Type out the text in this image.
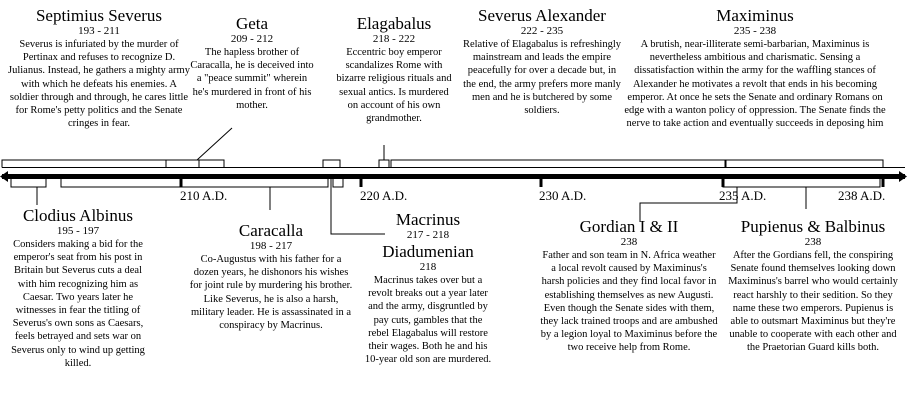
Septimius Severus
193 - 211
Severus is infuriated by the murder of Pertinax and refuses to recognize D. Julianus. Instead, he gathers a mighty army with which he defeats his enemies. A soldier through and through, he cares little for Rome's petty politics and the Senate cringes in fear.
Geta
209 - 212
The hapless brother of Caracalla, he is deceived into a "peace summit" wherein he's murdered in front of his mother.
Elagabalus
218 - 222
Eccentric boy emperor scandalizes Rome with bizarre religious rituals and sexual antics. Is murdered on account of his own grandmother.
Severus Alexander
222 - 235
Relative of Elagabalus is refreshingly mainstream and leads the empire peacefully for over a decade but, in the end, the army prefers more manly men and he is butchered by some soldiers.
Maximinus
235 - 238
A brutish, near-illiterate semi-barbarian, Maximinus is nevertheless ambitious and charismatic. Sensing a dissatisfaction within the army for the waffling stances of Alexander he motivates a revolt that ends in his becoming emperor. At once he sets the Senate and ordinary Romans on edge with a wanton policy of oppression. The Senate finds the nerve to take action and eventually succeeds in deposing him
210 A.D.	220 A.D.	230 A.D.	235 A.D.	238 A.D.
Clodius Albinus
195 - 197
Considers making a bid for the emperor's seat from his post in Britain but Severus cuts a deal with him recognizing him as Caesar. Two years later he witnesses in fear the titling of Severus's own sons as Caesars, feels betrayed and sets war on Severus only to wind up getting killed.
Caracalla
198 - 217
Co-Augustus with his father for a dozen years, he dishonors his wishes for joint rule by murdering his brother. Like Severus, he is also a harsh, military leader. He is assassinated in a conspiracy by Macrinus.
Macrinus
217 - 218
Diadumenian
218
Macrinus takes over but a revolt breaks out a year later and the army, disgruntled by pay cuts, gambles that the rebel Elagabalus will restore their wages. Both he and his 10-year old son are murdered.
Gordian I & II
238
Father and son team in N. Africa weather a local revolt caused by Maximinus's harsh policies and they find local favor in establishing themselves as new Augusti. Even though the Senate sides with them, they lack trained troops and are ambushed by a legion loyal to Maximinus before the two receive help from Rome.
Pupienus & Balbinus
238
After the Gordians fell, the conspiring Senate found themselves looking down Maximinus's barrel who would certainly react harshly to their sedition. So they name these two emperors. Pupienus is able to outsmart Maximinus but they're unable to cooperate with each other and the Praetorian Guard kills both.
